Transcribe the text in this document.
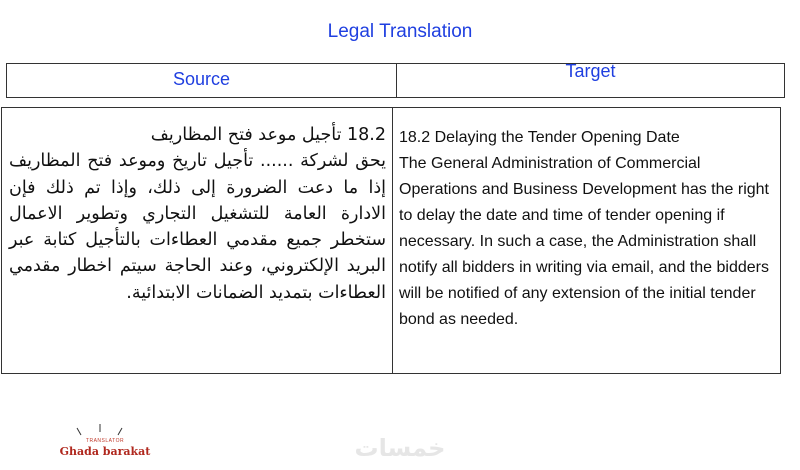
Legal Translation
Source	Target
18.2 تأجيل موعد فتح المظاريف
يحق لشركة ...... تأجيل تاريخ وموعد فتح المظاريف إذا ما دعت الضرورة إلى ذلك، وإذا تم ذلك فإن الادارة العامة للتشغيل التجاري وتطوير الاعمال ستخطر جميع مقدمي العطاءات بالتأجيل كتابة عبر البريد الإلكتروني، وعند الحاجة سيتم اخطار مقدمي العطاءات بتمديد الضمانات الابتدائية.
18.2 Delaying the Tender Opening Date
The General Administration of Commercial Operations and Business Development has the right to delay the date and time of tender opening if necessary. In such a case, the Administration shall notify all bidders in writing via email, and the bidders will be notified of any extension of the initial tender bond as needed.
TRANSLATOR
Ghada barakat	خمسات
